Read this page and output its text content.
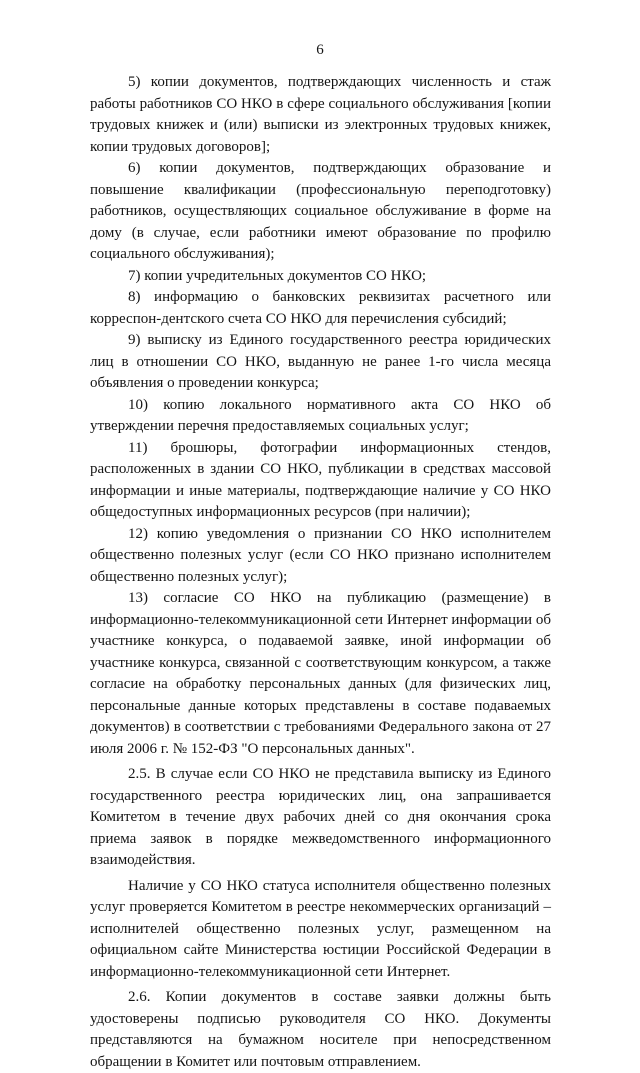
6

5) копии документов, подтверждающих численность и стаж работы работников СО НКО в сфере социального обслуживания [копии трудовых книжек и (или) выписки из электронных трудовых книжек, копии трудовых договоров];

6) копии документов, подтверждающих образование и повышение квалификации (профессиональную переподготовку) работников, осуществляющих социальное обслуживание в форме на дому (в случае, если работники имеют образование по профилю социального обслуживания);

7) копии учредительных документов СО НКО;

8) информацию о банковских реквизитах расчетного или корреспон-дентского счета СО НКО для перечисления субсидий;

9) выписку из Единого государственного реестра юридических лиц в отношении СО НКО, выданную не ранее 1-го числа месяца объявления о проведении конкурса;

10) копию локального нормативного акта СО НКО об утверждении перечня предоставляемых социальных услуг;

11) брошюры, фотографии информационных стендов, расположенных в здании СО НКО, публикации в средствах массовой информации и иные материалы, подтверждающие наличие у СО НКО общедоступных информационных ресурсов (при наличии);

12) копию уведомления о признании СО НКО исполнителем общественно полезных услуг (если СО НКО признано исполнителем общественно полезных услуг);

13) согласие СО НКО на публикацию (размещение) в информационно-телекоммуникационной сети Интернет информации об участнике конкурса, о подаваемой заявке, иной информации об участнике конкурса, связанной с соответствующим конкурсом, а также согласие на обработку персональных данных (для физических лиц, персональные данные которых представлены в составе подаваемых документов) в соответствии с требованиями Федерального закона от 27 июля 2006 г. № 152-ФЗ "О персональных данных".

2.5. В случае если СО НКО не представила выписку из Единого государственного реестра юридических лиц, она запрашивается Комитетом в течение двух рабочих дней со дня окончания срока приема заявок в порядке межведомственного информационного взаимодействия.

Наличие у СО НКО статуса исполнителя общественно полезных услуг проверяется Комитетом в реестре некоммерческих организаций – исполнителей общественно полезных услуг, размещенном на официальном сайте Министерства юстиции Российской Федерации в информационно-телекоммуникационной сети Интернет.

2.6. Копии документов в составе заявки должны быть удостоверены подписью руководителя СО НКО. Документы представляются на бумажном носителе при непосредственном обращении в Комитет или почтовым отправлением.
